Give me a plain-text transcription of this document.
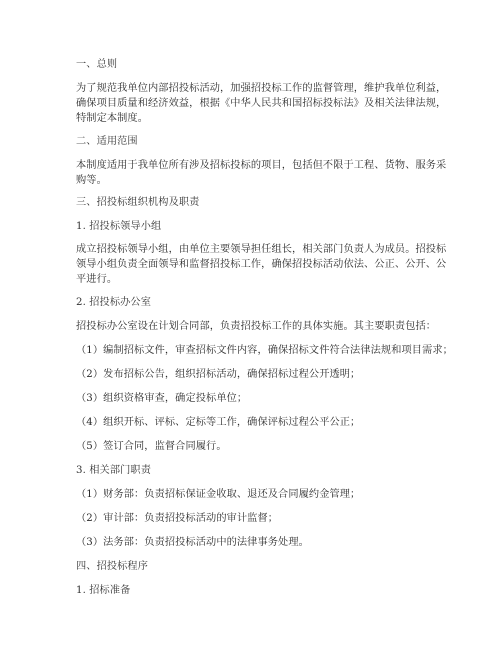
一、总则
为了规范我单位内部招投标活动，加强招投标工作的监督管理，维护我单位利益，
确保项目质量和经济效益，根据《中华人民共和国招标投标法》及相关法律法规，
特制定本制度。
二、适用范围
本制度适用于我单位所有涉及招标投标的项目，包括但不限于工程、货物、服务采
购等。
三、招投标组织机构及职责
1. 招投标领导小组
成立招投标领导小组，由单位主要领导担任组长，相关部门负责人为成员。招投标
领导小组负责全面领导和监督招投标工作，确保招投标活动依法、公正、公开、公
平进行。
2. 招投标办公室
招投标办公室设在计划合同部，负责招投标工作的具体实施。其主要职责包括：
（1）编制招标文件，审查招标文件内容，确保招标文件符合法律法规和项目需求；
（2）发布招标公告，组织招标活动，确保招标过程公开透明；
（3）组织资格审查，确定投标单位；
（4）组织开标、评标、定标等工作，确保评标过程公平公正；
（5）签订合同，监督合同履行。
3. 相关部门职责
（1）财务部：负责招标保证金收取、退还及合同履约金管理；
（2）审计部：负责招投标活动的审计监督；
（3）法务部：负责招投标活动中的法律事务处理。
四、招投标程序
1. 招标准备
